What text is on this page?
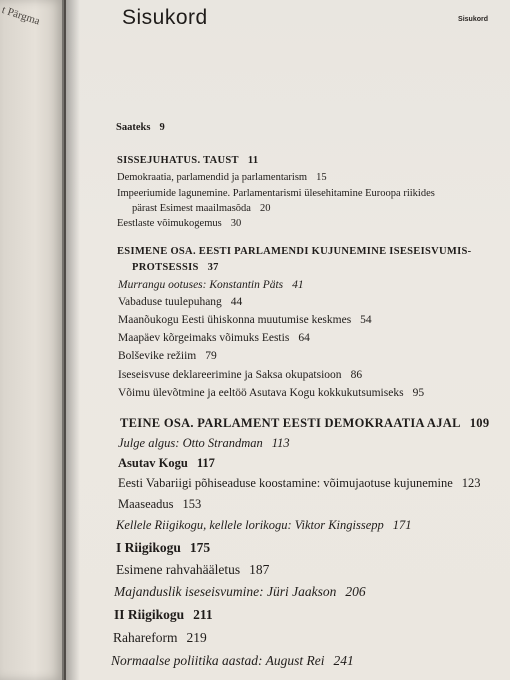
t Pärgma	Sisukord	Sisukord
Saateks 9
SISSEJUHATUS. TAUST 11
Demokraatia, parlamendid ja parlamentarism 15
Impeeriumide lagunemine. Parlamentarismi ülesehitamine Euroopa riikides
pärast Esimest maailmasõda 20
Eestlaste võimukogemus 30
ESIMENE OSA. EESTI PARLAMENDI KUJUNEMINE ISESEISVUMIS-
PROTSESSIS 37
Murrangu ootuses: Konstantin Päts 41
Vabaduse tuulepuhang 44
Maanõukogu Eesti ühiskonna muutumise keskmes 54
Maapäev kõrgeimaks võimuks Eestis 64
Bolševike režiim 79
Iseseisvuse deklareerimine ja Saksa okupatsioon 86
Võimu ülevõtmine ja eeltöö Asutava Kogu kokkukutsumiseks 95
TEINE OSA. PARLAMENT EESTI DEMOKRAATIA AJAL 109
Julge algus: Otto Strandman 113
Asutav Kogu 117
Eesti Vabariigi põhiseaduse koostamine: võimujaotuse kujunemine 123
Maaseadus 153
Kellele Riigikogu, kellele lorikogu: Viktor Kingissepp 171
I Riigikogu 175
Esimene rahvahääletus 187
Majanduslik iseseisvumine: Jüri Jaakson 206
II Riigikogu 211
Rahareform 219
Normaalse poliitika aastad: August Rei 241
